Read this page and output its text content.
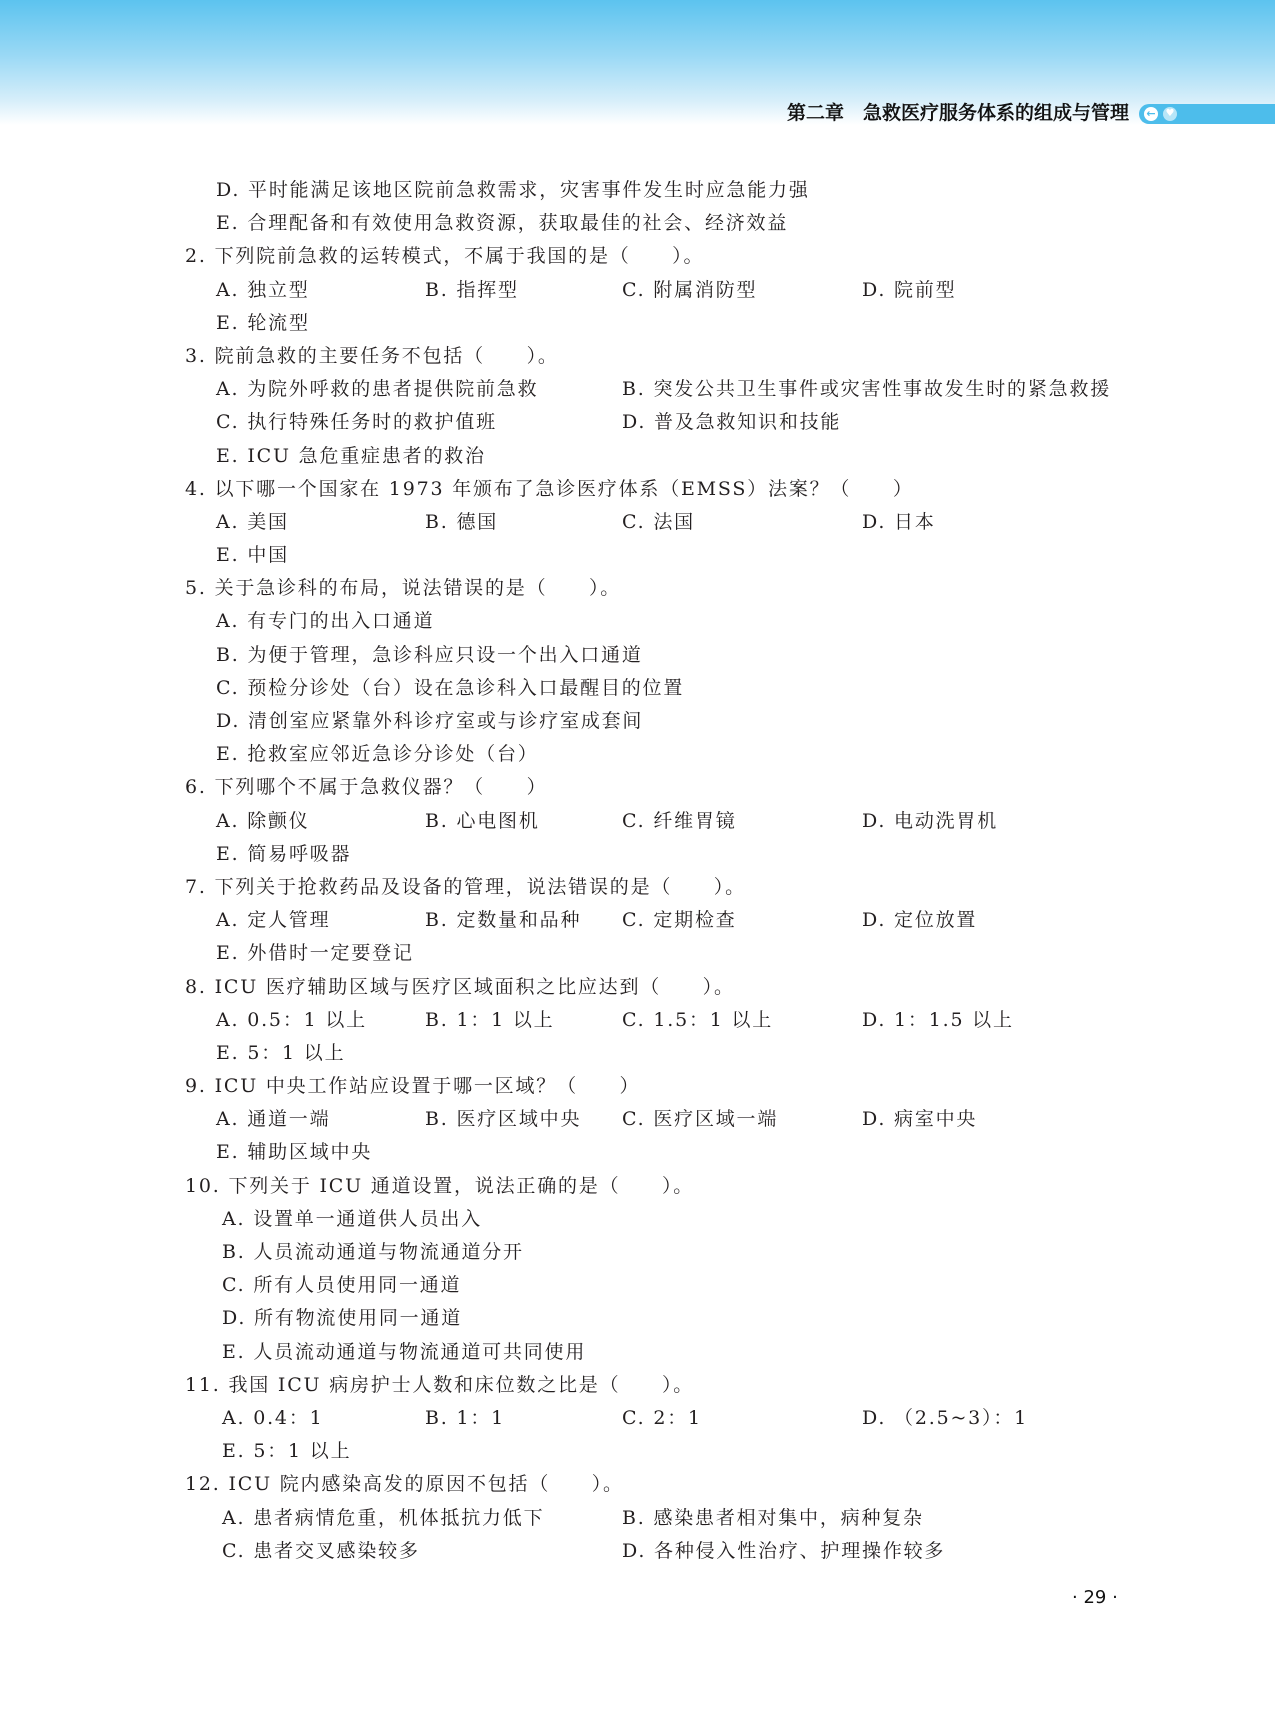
第二章　急救医疗服务体系的组成与管理 ← ♥
D. 平时能满足该地区院前急救需求，灾害事件发生时应急能力强
E. 合理配备和有效使用急救资源，获取最佳的社会、经济效益
2. 下列院前急救的运转模式，不属于我国的是（　　）。
A. 独立型	B. 指挥型	C. 附属消防型	D. 院前型
E. 轮流型
3. 院前急救的主要任务不包括（　　）。
A. 为院外呼救的患者提供院前急救	B. 突发公共卫生事件或灾害性事故发生时的紧急救援
C. 执行特殊任务时的救护值班	D. 普及急救知识和技能
E. ICU 急危重症患者的救治
4. 以下哪一个国家在 1973 年颁布了急诊医疗体系（EMSS）法案？（　　）
A. 美国	B. 德国	C. 法国	D. 日本
E. 中国
5. 关于急诊科的布局，说法错误的是（　　）。
A. 有专门的出入口通道
B. 为便于管理，急诊科应只设一个出入口通道
C. 预检分诊处（台）设在急诊科入口最醒目的位置
D. 清创室应紧靠外科诊疗室或与诊疗室成套间
E. 抢救室应邻近急诊分诊处（台）
6. 下列哪个不属于急救仪器？（　　）
A. 除颤仪	B. 心电图机	C. 纤维胃镜	D. 电动洗胃机
E. 简易呼吸器
7. 下列关于抢救药品及设备的管理，说法错误的是（　　）。
A. 定人管理	B. 定数量和品种 C. 定期检查	D. 定位放置
E. 外借时一定要登记
8. ICU 医疗辅助区域与医疗区域面积之比应达到（　　）。
A. 0.5：1 以上	B. 1：1 以上	C. 1.5：1 以上	D. 1：1.5 以上
E. 5：1 以上
9. ICU 中央工作站应设置于哪一区域？（　　）
A. 通道一端	B. 医疗区域中央 C. 医疗区域一端	D. 病室中央
E. 辅助区域中央
10. 下列关于 ICU 通道设置，说法正确的是（　　）。
A. 设置单一通道供人员出入
B. 人员流动通道与物流通道分开
C. 所有人员使用同一通道
D. 所有物流使用同一通道
E. 人员流动通道与物流通道可共同使用
11. 我国 ICU 病房护士人数和床位数之比是（　　）。
A. 0.4：1	B. 1：1	C. 2：1	D. （2.5~3）：1
E. 5：1 以上
12. ICU 院内感染高发的原因不包括（　　）。
A. 患者病情危重，机体抵抗力低下	B. 感染患者相对集中，病种复杂
C. 患者交叉感染较多	D. 各种侵入性治疗、护理操作较多
· 29 ·
